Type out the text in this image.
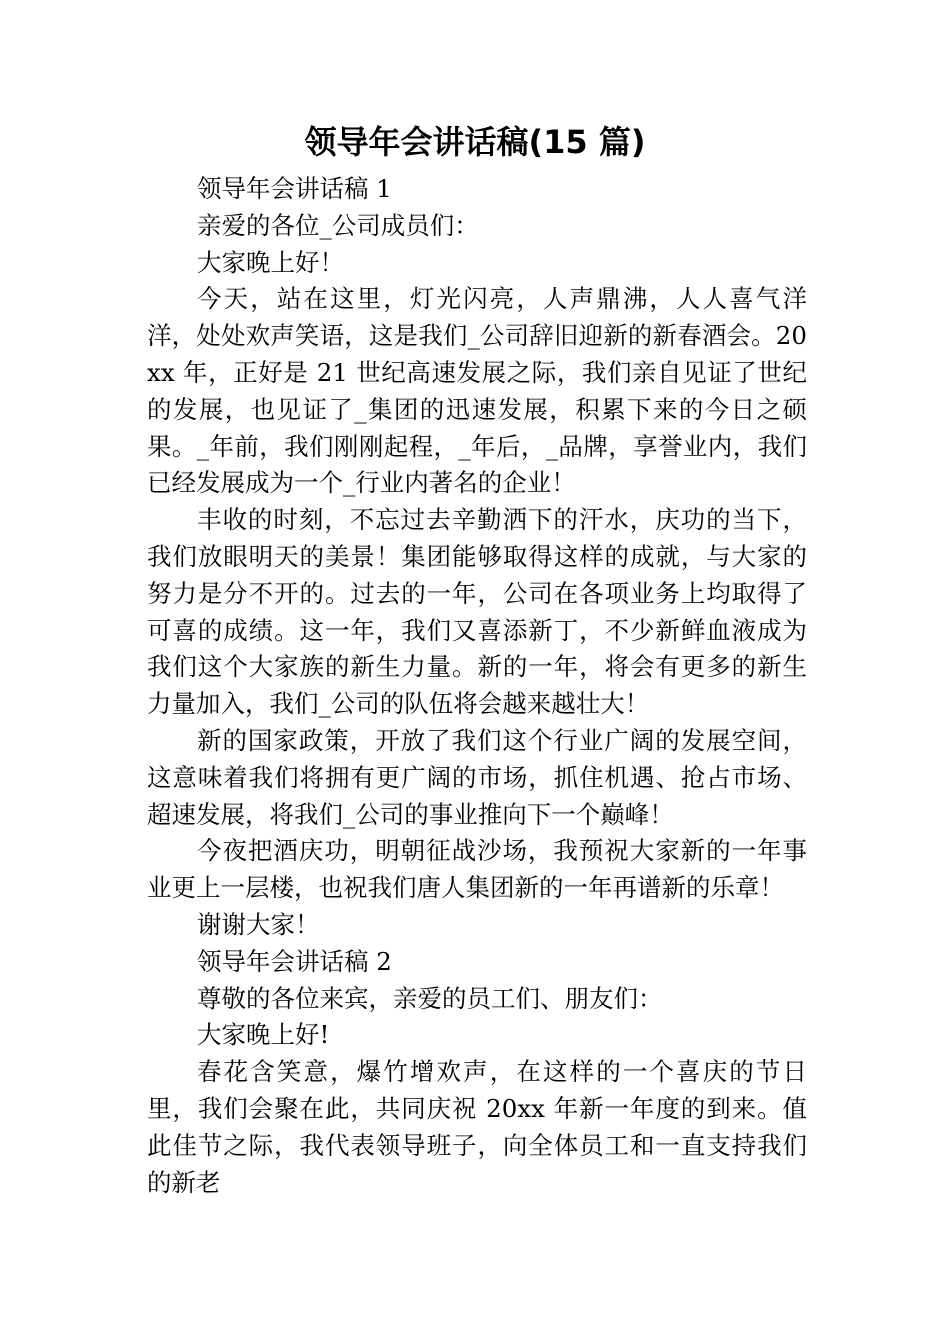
领导年会讲话稿(15 篇)

领导年会讲话稿 1

亲爱的各位_公司成员们：

大家晚上好！

今天，站在这里，灯光闪亮，人声鼎沸，人人喜气洋洋，处处欢声笑语，这是我们_公司辞旧迎新的新春酒会。20xx 年，正好是 21 世纪高速发展之际，我们亲自见证了世纪的发展，也见证了_集团的迅速发展，积累下来的今日之硕果。_年前，我们刚刚起程，_年后，_品牌，享誉业内，我们已经发展成为一个_行业内著名的企业！

丰收的时刻，不忘过去辛勤洒下的汗水，庆功的当下，我们放眼明天的美景！集团能够取得这样的成就，与大家的努力是分不开的。过去的一年，公司在各项业务上均取得了可喜的成绩。这一年，我们又喜添新丁，不少新鲜血液成为我们这个大家族的新生力量。新的一年，将会有更多的新生力量加入，我们_公司的队伍将会越来越壮大！

新的国家政策，开放了我们这个行业广阔的发展空间，这意味着我们将拥有更广阔的市场，抓住机遇、抢占市场、超速发展，将我们_公司的事业推向下一个巅峰！

今夜把酒庆功，明朝征战沙场，我预祝大家新的一年事业更上一层楼，也祝我们唐人集团新的一年再谱新的乐章！

谢谢大家！

领导年会讲话稿 2

尊敬的各位来宾，亲爱的员工们、朋友们：

大家晚上好!

春花含笑意，爆竹增欢声，在这样的一个喜庆的节日里，我们会聚在此，共同庆祝 20xx 年新一年度的到来。值此佳节之际，我代表领导班子，向全体员工和一直支持我们的新老
